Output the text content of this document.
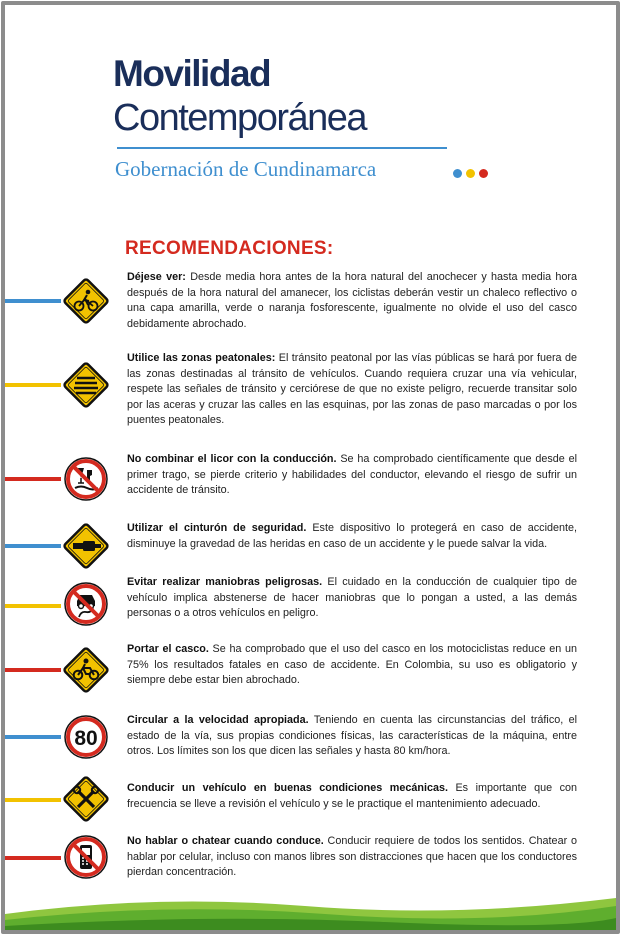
Movilidad
Contemporánea
Gobernación de Cundinamarca
RECOMENDACIONES:
Déjese ver: Desde media hora antes de la hora natural del anochecer y hasta media hora después de la hora natural del amanecer, los ciclistas deberán vestir un chaleco reflectivo o una capa amarilla, verde o naranja fosforescente, igualmente no olvide el uso del casco debidamente abrochado.
Utilice las zonas peatonales: El tránsito peatonal por las vías públicas se hará por fuera de las zonas destinadas al tránsito de vehículos. Cuando requiera cruzar una vía vehicular, respete las señales de tránsito y cerciórese de que no existe peligro, recuerde transitar solo por las aceras y cruzar las calles en las esquinas, por las zonas de paso marcadas o por los puentes peatonales.
No combinar el licor con la conducción. Se ha comprobado científicamente que desde el primer trago, se pierde criterio y habilidades del conductor, elevando el riesgo de sufrir un accidente de tránsito.
Utilizar el cinturón de seguridad. Este dispositivo lo protegerá en caso de accidente, disminuye la gravedad de las heridas en caso de un accidente y le puede salvar la vida.
Evitar realizar maniobras peligrosas. El cuidado en la conducción de cualquier tipo de vehículo implica abstenerse de hacer maniobras que lo pongan a usted, a las demás personas o a otros vehículos en peligro.
Portar el casco. Se ha comprobado que el uso del casco en los motociclistas reduce en un 75% los resultados fatales en caso de accidente. En Colombia, su uso es obligatorio y siempre debe estar bien abrochado.
80
Circular a la velocidad apropiada. Teniendo en cuenta las circunstancias del tráfico, el estado de la vía, sus propias condiciones físicas, las características de la máquina, entre otros. Los límites son los que dicen las señales y hasta 80 km/hora.
Conducir un vehículo en buenas condiciones mecánicas. Es importante que con frecuencia se lleve a revisión el vehículo y se le practique el mantenimiento adecuado.
No hablar o chatear cuando conduce. Conducir requiere de todos los sentidos. Chatear o hablar por celular, incluso con manos libres son distracciones que hacen que los conductores pierdan concentración.
